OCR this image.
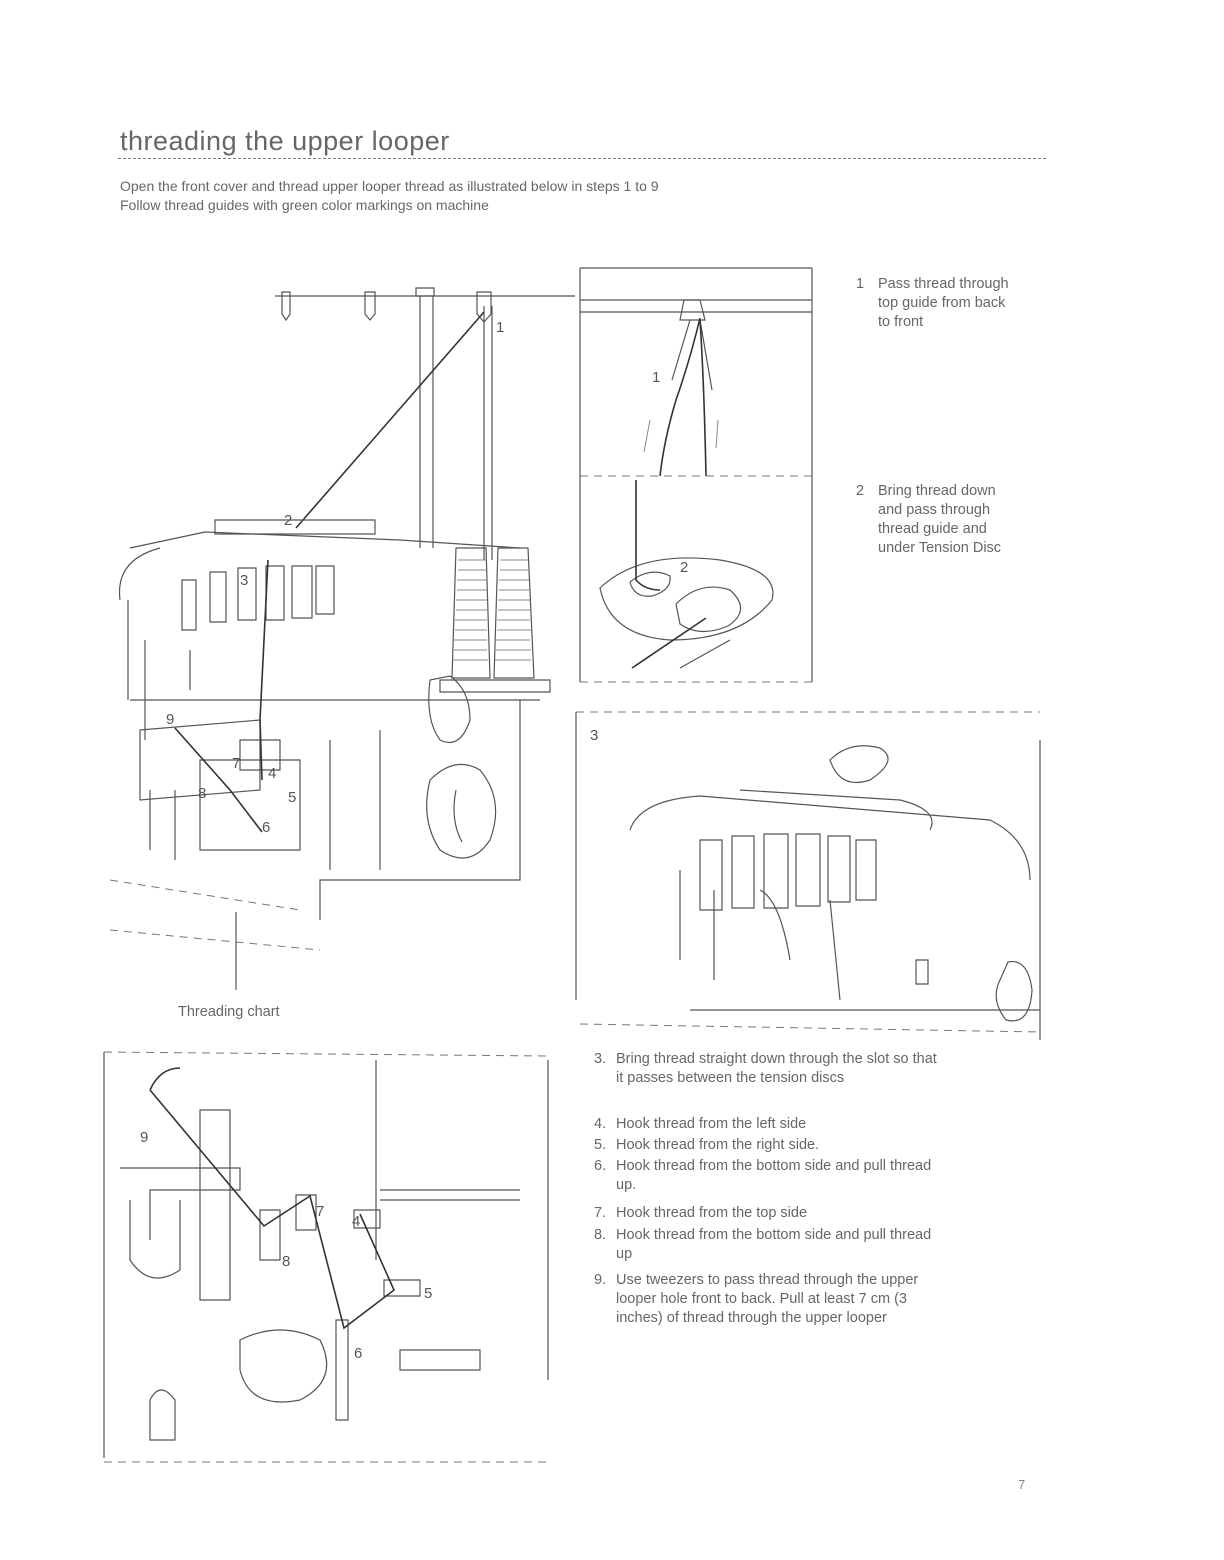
threading the upper looper
Open the front cover and thread upper looper thread as illustrated below in steps 1 to 9
Follow thread guides with green color markings on machine
1
2
3
4
5
6
7
8
9
1
2
3
9
8
7
4
5
6
1 Pass thread through
top guide from back
to front
2 Bring thread down
and pass through
thread guide and
under Tension Disc
3. Bring thread straight down through the slot so that
it passes between the tension discs
4. Hook thread from the left side
5. Hook thread from the right side.
6. Hook thread from the bottom side and pull thread
up.
7. Hook thread from the top side
8. Hook thread from the bottom side and pull thread
up
9. Use tweezers to pass thread through the upper
looper hole front to back. Pull at least 7 cm (3
inches) of thread through the upper looper
Threading chart
7
